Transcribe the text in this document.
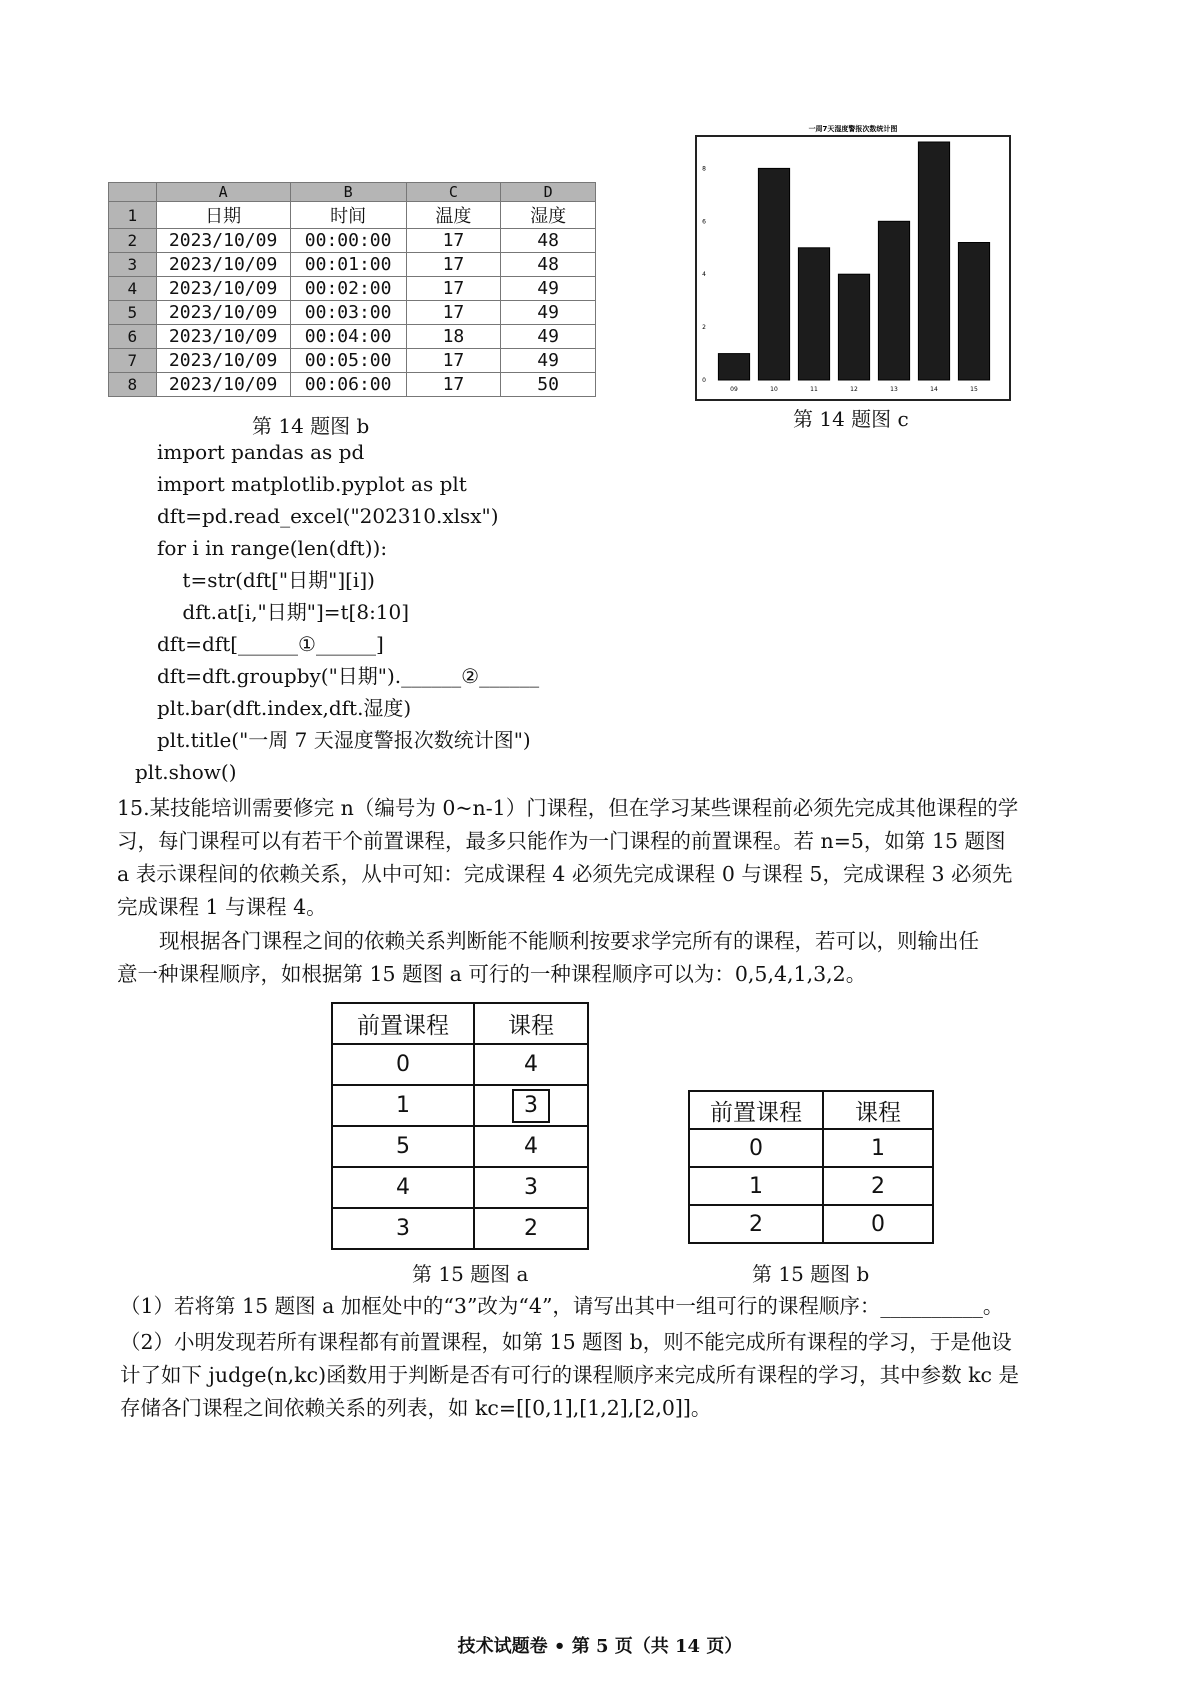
	A	B	C	D
1	日期	时间	温度	湿度
2	2023/10/09	00:00:00	17	48
3	2023/10/09	00:01:00	17	48
4	2023/10/09	00:02:00	17	49
5	2023/10/09	00:03:00	17	49
6	2023/10/09	00:04:00	18	49
7	2023/10/09	00:05:00	17	49
8	2023/10/09	00:06:00	17	50
第 14 题图 b
一周7天湿度警报次数统计图
09	10	11	12	13	14	15
0
2
4
6
8
第 14 题图 c
import pandas as pd
import matplotlib.pyplot as plt
dft=pd.read_excel("202310.xlsx")
for i in range(len(dft)):
t=str(dft["日期"][i])
dft.at[i,"日期"]=t[8:10]
dft=dft[______①______]
dft=dft.groupby("日期").______②______
plt.bar(dft.index,dft.湿度)
plt.title("一周 7 天湿度警报次数统计图")
plt.show()
15.某技能培训需要修完 n（编号为 0~n-1）门课程，但在学习某些课程前必须先完成其他课程的学
习，每门课程可以有若干个前置课程，最多只能作为一门课程的前置课程。若 n=5，如第 15 题图
a 表示课程间的依赖关系，从中可知：完成课程 4 必须先完成课程 0 与课程 5，完成课程 3 必须先
完成课程 1 与课程 4。
现根据各门课程之间的依赖关系判断能不能顺利按要求学完所有的课程，若可以，则输出任
意一种课程顺序，如根据第 15 题图 a 可行的一种课程顺序可以为：0,5,4,1,3,2。
前置课程	课程
0	4
1	3
5	4
4	3
3	2
第 15 题图 a
前置课程	课程
0	1
1	2
2	0
第 15 题图 b
（1）若将第 15 题图 a 加框处中的“3”改为“4”，请写出其中一组可行的课程顺序：__________。
（2）小明发现若所有课程都有前置课程，如第 15 题图 b，则不能完成所有课程的学习，于是他设
计了如下 judge(n,kc)函数用于判断是否有可行的课程顺序来完成所有课程的学习，其中参数 kc 是
存储各门课程之间依赖关系的列表，如 kc=[[0,1],[1,2],[2,0]]。
技术试题卷 • 第 5 页（共 14 页）
